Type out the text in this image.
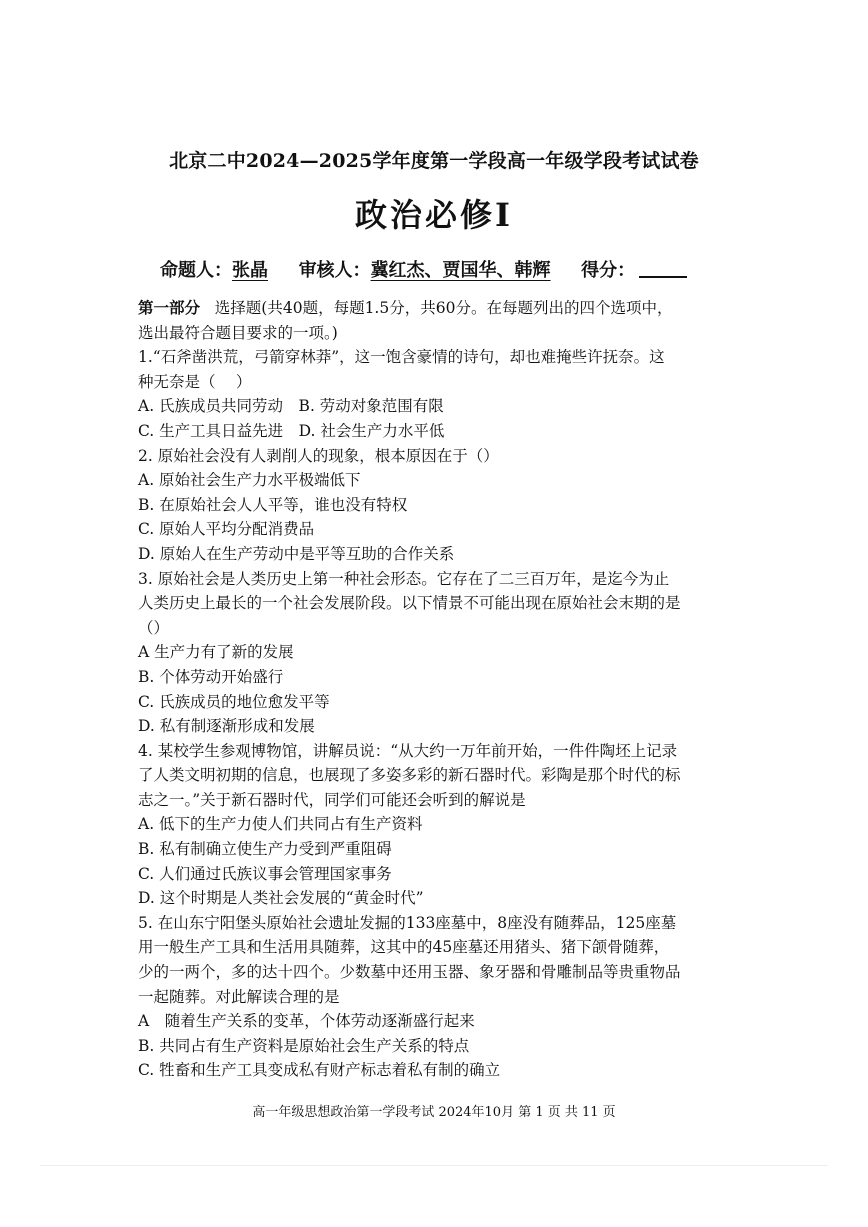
北京二中2024—2025学年度第一学段高一年级学段考试试卷
政治必修Ⅰ
命题人：张晶 审核人：冀红杰、贾国华、韩辉 得分：

第一部分 选择题(共40题，每题1.5分，共60分。在每题列出的四个选项中，

选出最符合题目要求的一项。)

1.“石斧凿洪荒，弓箭穿林莽”，这一饱含豪情的诗句，却也难掩些许抚奈。这

种无奈是（　 ）

A. 氏族成员共同劳动　B. 劳动对象范围有限

C. 生产工具日益先进　D. 社会生产力水平低

2. 原始社会没有人剥削人的现象，根本原因在于（）

A. 原始社会生产力水平极端低下

B. 在原始社会人人平等，谁也没有特权

C. 原始人平均分配消费品

D. 原始人在生产劳动中是平等互助的合作关系

3. 原始社会是人类历史上第一种社会形态。它存在了二三百万年，是迄今为止

人类历史上最长的一个社会发展阶段。以下情景不可能出现在原始社会末期的是

（）

A 生产力有了新的发展

B. 个体劳动开始盛行

C. 氏族成员的地位愈发平等

D. 私有制逐渐形成和发展

4. 某校学生参观博物馆，讲解员说：“从大约一万年前开始，一件件陶坯上记录

了人类文明初期的信息，也展现了多姿多彩的新石器时代。彩陶是那个时代的标

志之一。”关于新石器时代，同学们可能还会听到的解说是

A. 低下的生产力使人们共同占有生产资料

B. 私有制确立使生产力受到严重阻碍

C. 人们通过氏族议事会管理国家事务

D. 这个时期是人类社会发展的“黄金时代”

5. 在山东宁阳堡头原始社会遗址发掘的133座墓中，8座没有随葬品，125座墓

用一般生产工具和生活用具随葬，这其中的45座墓还用猪头、猪下颌骨随葬，

少的一两个，多的达十四个。少数墓中还用玉器、象牙器和骨雕制品等贵重物品

一起随葬。对此解读合理的是

A　随着生产关系的变革，个体劳动逐渐盛行起来

B. 共同占有生产资料是原始社会生产关系的特点

C. 牲畜和生产工具变成私有财产标志着私有制的确立

高一年级思想政治第一学段考试 2024年10月 第 1 页 共 11 页
